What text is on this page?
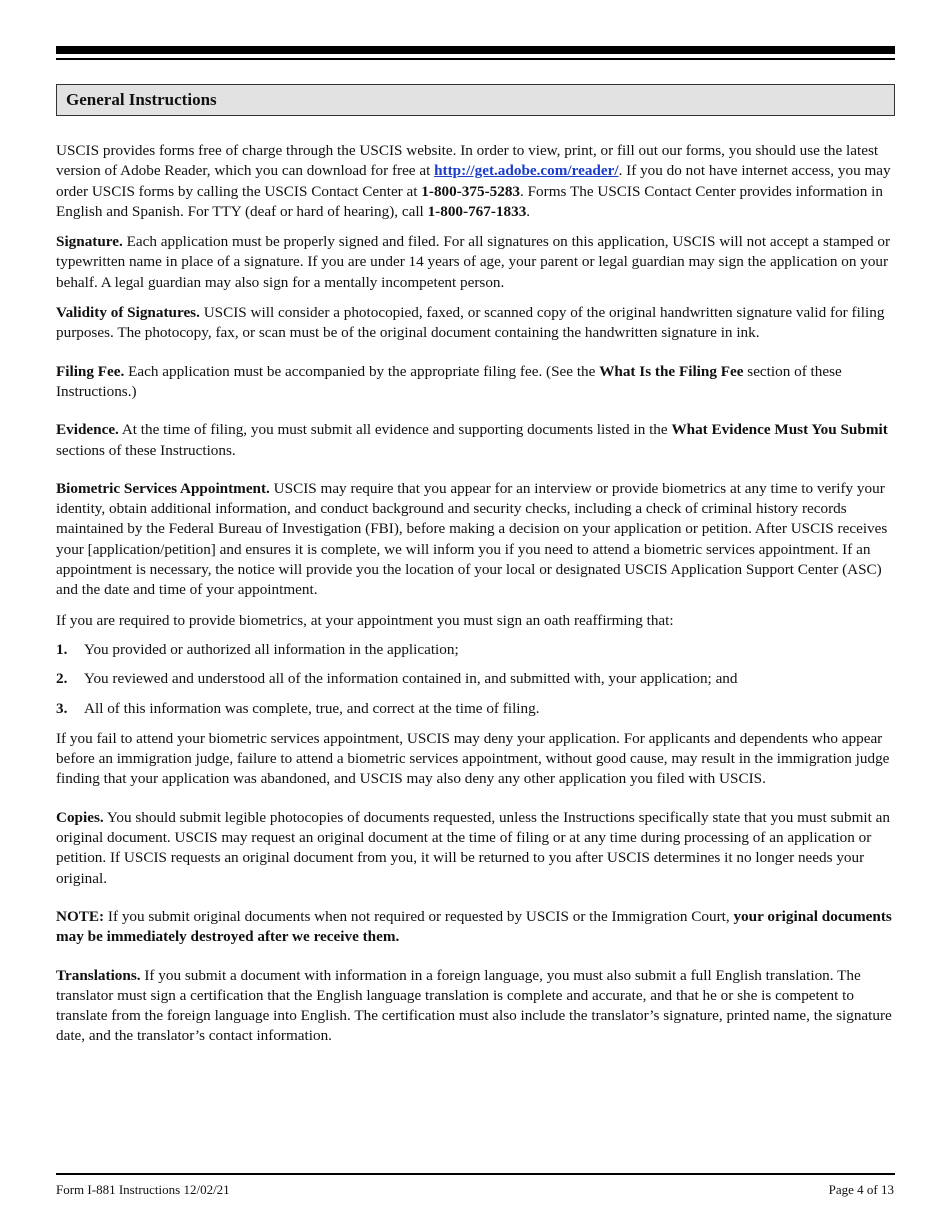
General Instructions

USCIS provides forms free of charge through the USCIS website. In order to view, print, or fill out our forms, you should use the latest version of Adobe Reader, which you can download for free at http://get.adobe.com/reader/. If you do not have internet access, you may order USCIS forms by calling the USCIS Contact Center at 1-800-375-5283. Forms The USCIS Contact Center provides information in English and Spanish. For TTY (deaf or hard of hearing), call 1-800-767-1833.

Signature. Each application must be properly signed and filed. For all signatures on this application, USCIS will not accept a stamped or typewritten name in place of a signature. If you are under 14 years of age, your parent or legal guardian may sign the application on your behalf. A legal guardian may also sign for a mentally incompetent person.

Validity of Signatures. USCIS will consider a photocopied, faxed, or scanned copy of the original handwritten signature valid for filing purposes. The photocopy, fax, or scan must be of the original document containing the handwritten signature in ink.

Filing Fee. Each application must be accompanied by the appropriate filing fee. (See the What Is the Filing Fee section of these Instructions.)

Evidence. At the time of filing, you must submit all evidence and supporting documents listed in the What Evidence Must You Submit sections of these Instructions.

Biometric Services Appointment. USCIS may require that you appear for an interview or provide biometrics at any time to verify your identity, obtain additional information, and conduct background and security checks, including a check of criminal history records maintained by the Federal Bureau of Investigation (FBI), before making a decision on your application or petition. After USCIS receives your [application/petition] and ensures it is complete, we will inform you if you need to attend a biometric services appointment. If an appointment is necessary, the notice will provide you the location of your local or designated USCIS Application Support Center (ASC) and the date and time of your appointment.

If you are required to provide biometrics, at your appointment you must sign an oath reaffirming that:

1.	You provided or authorized all information in the application;
2.	You reviewed and understood all of the information contained in, and submitted with, your application; and
3.	All of this information was complete, true, and correct at the time of filing.

If you fail to attend your biometric services appointment, USCIS may deny your application. For applicants and dependents who appear before an immigration judge, failure to attend a biometric services appointment, without good cause, may result in the immigration judge finding that your application was abandoned, and USCIS may also deny any other application you filed with USCIS.

Copies. You should submit legible photocopies of documents requested, unless the Instructions specifically state that you must submit an original document. USCIS may request an original document at the time of filing or at any time during processing of an application or petition. If USCIS requests an original document from you, it will be returned to you after USCIS determines it no longer needs your original.

NOTE: If you submit original documents when not required or requested by USCIS or the Immigration Court, your original documents may be immediately destroyed after we receive them.

Translations. If you submit a document with information in a foreign language, you must also submit a full English translation. The translator must sign a certification that the English language translation is complete and accurate, and that he or she is competent to translate from the foreign language into English. The certification must also include the translator’s signature, printed name, the signature date, and the translator’s contact information.

Form I-881 Instructions 12/02/21	Page 4 of 13
